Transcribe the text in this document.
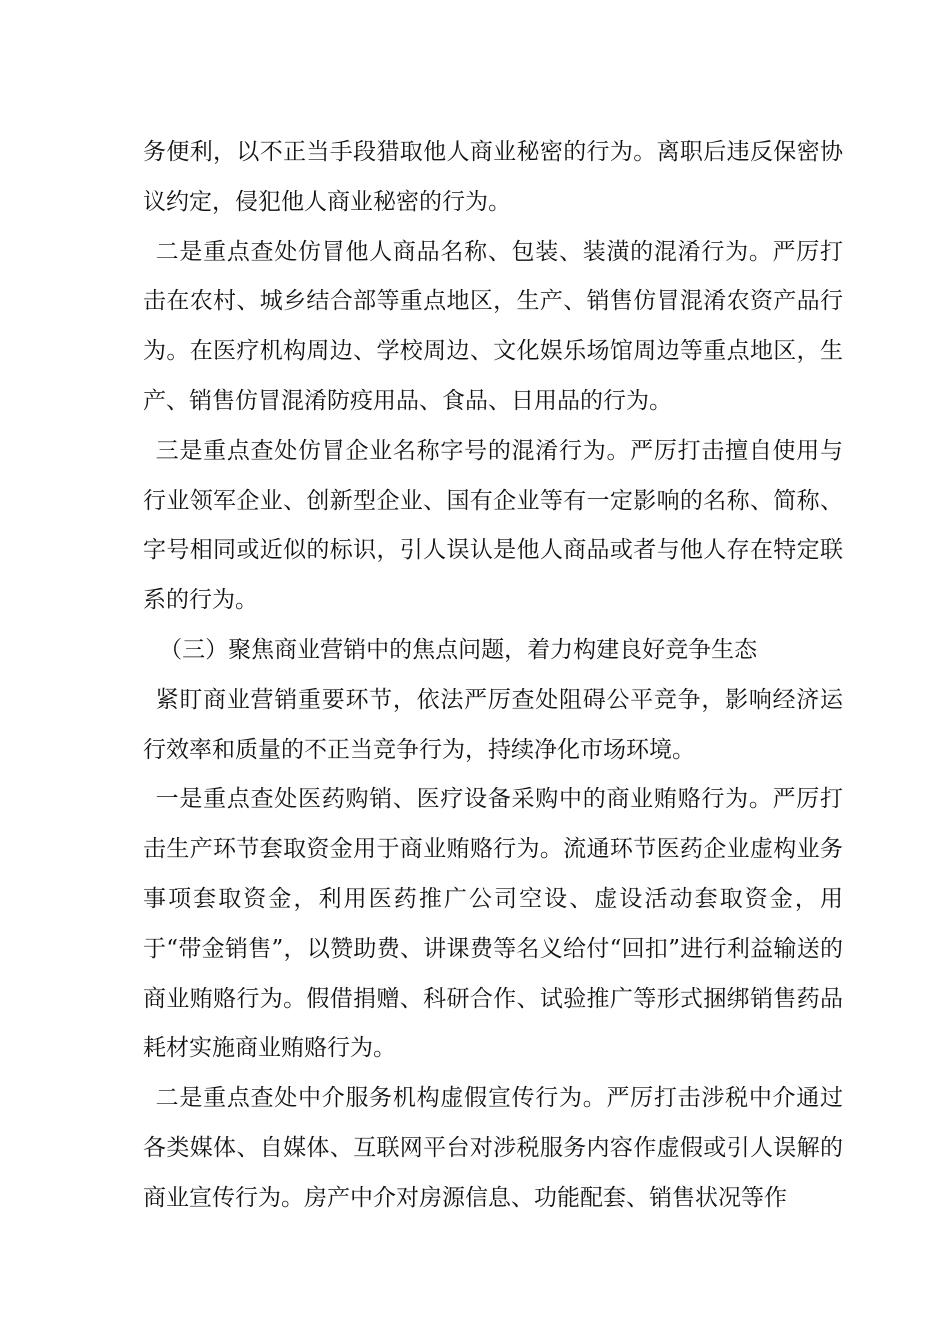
务便利，以不正当手段猎取他人商业秘密的行为。离职后违反保密协议约定，侵犯他人商业秘密的行为。

二是重点查处仿冒他人商品名称、包装、装潢的混淆行为。严厉打击在农村、城乡结合部等重点地区，生产、销售仿冒混淆农资产品行为。在医疗机构周边、学校周边、文化娱乐场馆周边等重点地区，生产、销售仿冒混淆防疫用品、食品、日用品的行为。

三是重点查处仿冒企业名称字号的混淆行为。严厉打击擅自使用与行业领军企业、创新型企业、国有企业等有一定影响的名称、简称、字号相同或近似的标识，引人误认是他人商品或者与他人存在特定联系的行为。

（三）聚焦商业营销中的焦点问题，着力构建良好竞争生态

紧盯商业营销重要环节，依法严厉查处阻碍公平竞争，影响经济运行效率和质量的不正当竞争行为，持续净化市场环境。

一是重点查处医药购销、医疗设备采购中的商业贿赂行为。严厉打击生产环节套取资金用于商业贿赂行为。流通环节医药企业虚构业务事项套取资金，利用医药推广公司空设、虚设活动套取资金，用于“带金销售”，以赞助费、讲课费等名义给付“回扣”进行利益输送的商业贿赂行为。假借捐赠、科研合作、试验推广等形式捆绑销售药品耗材实施商业贿赂行为。

二是重点查处中介服务机构虚假宣传行为。严厉打击涉税中介通过各类媒体、自媒体、互联网平台对涉税服务内容作虚假或引人误解的商业宣传行为。房产中介对房源信息、功能配套、销售状况等作
